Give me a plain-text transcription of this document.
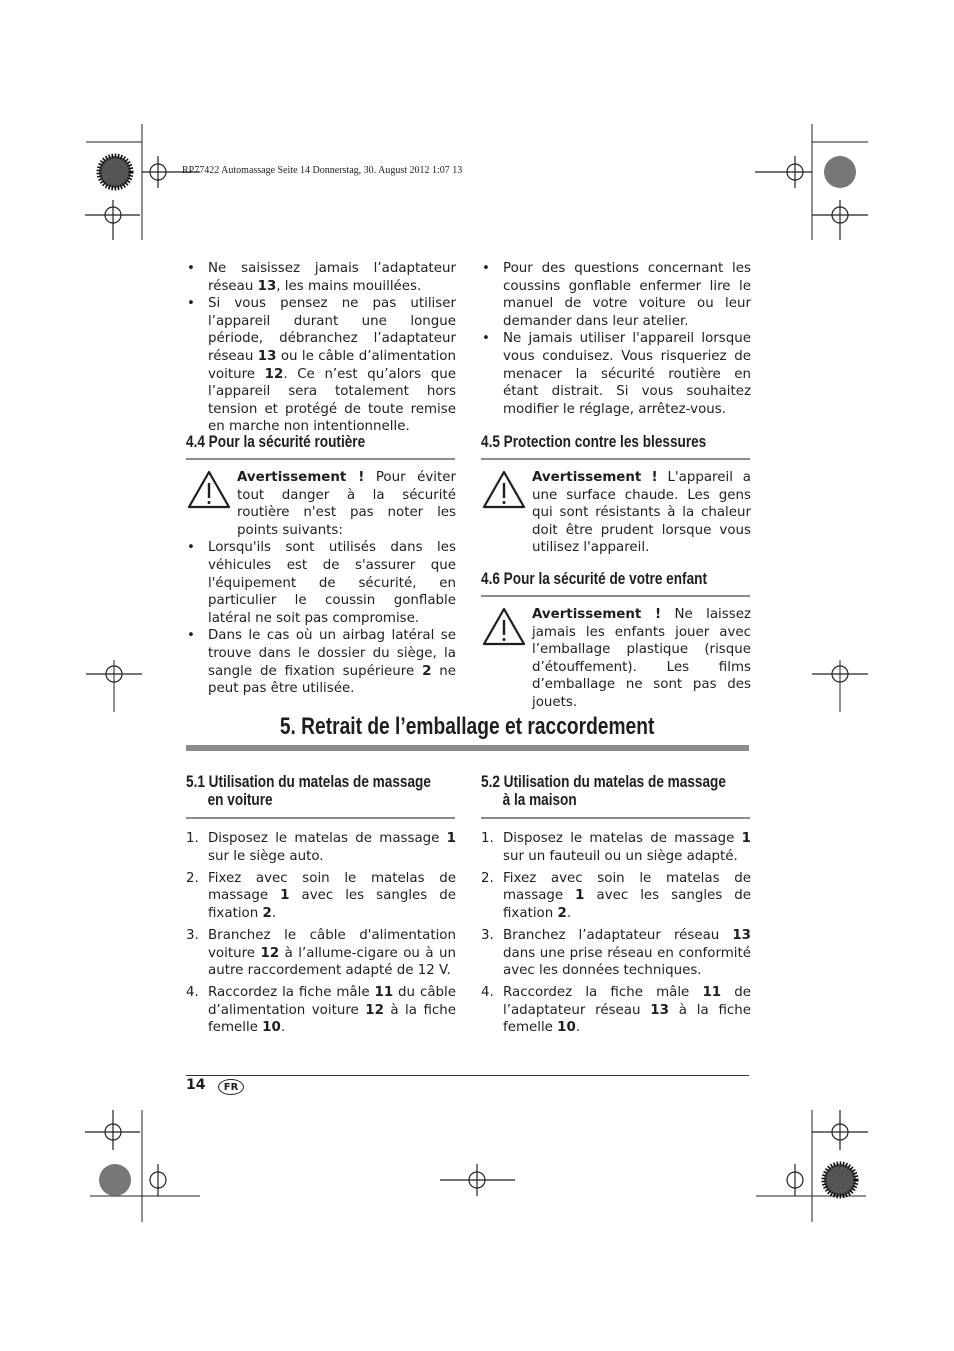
RP77422 Automassage Seite 14 Donnerstag, 30. August 2012 1:07 13
• Ne saisissez jamais l’adaptateur réseau 13, les mains mouillées.
• Si vous pensez ne pas utiliser l’appareil durant une longue période, débranchez l’adaptateur réseau 13 ou le câble d’alimentation voiture 12. Ce n’est qu’alors que l’appareil sera totalement hors tension et protégé de toute remise en marche non intentionnelle.
• Pour des questions concernant les coussins gonflable enfermer lire le manuel de votre voiture ou leur demander dans leur atelier.
• Ne jamais utiliser l'appareil lorsque vous conduisez. Vous risqueriez de menacer la sécurité routière en étant distrait. Si vous souhaitez modifier le réglage, arrêtez-vous.
4.4 Pour la sécurité routière
Avertissement ! Pour éviter tout danger à la sécurité routière n'est pas noter les points suivants:
• Lorsqu'ils sont utilisés dans les véhicules est de s'assurer que l'équipement de sécurité, en particulier le coussin gonflable latéral ne soit pas compromise.
• Dans le cas où un airbag latéral se trouve dans le dossier du siège, la sangle de fixation supérieure 2 ne peut pas être utilisée.
4.5 Protection contre les blessures
Avertissement ! L'appareil a une surface chaude. Les gens qui sont résistants à la chaleur doit être prudent lorsque vous utilisez l'appareil.
4.6 Pour la sécurité de votre enfant
Avertissement ! Ne laissez jamais les enfants jouer avec l’emballage plastique (risque d’étouffement). Les films d’emballage ne sont pas des jouets.
5. Retrait de l’emballage et raccordement
5.1 Utilisation du matelas de massage
en voiture
1. Disposez le matelas de massage 1 sur le siège auto.
2. Fixez avec soin le matelas de massage 1 avec les sangles de fixation 2.
3. Branchez le câble d'alimentation voiture 12 à l’allume-cigare ou à un autre raccordement adapté de 12 V.
4. Raccordez la fiche mâle 11 du câble d’alimentation voiture 12 à la fiche femelle 10.
5.2 Utilisation du matelas de massage
à la maison
1. Disposez le matelas de massage 1 sur un fauteuil ou un siège adapté.
2. Fixez avec soin le matelas de massage 1 avec les sangles de fixation 2.
3. Branchez l’adaptateur réseau 13 dans une prise réseau en conformité avec les données techniques.
4. Raccordez la fiche mâle 11 de l’adaptateur réseau 13 à la fiche femelle 10.
14	FR
